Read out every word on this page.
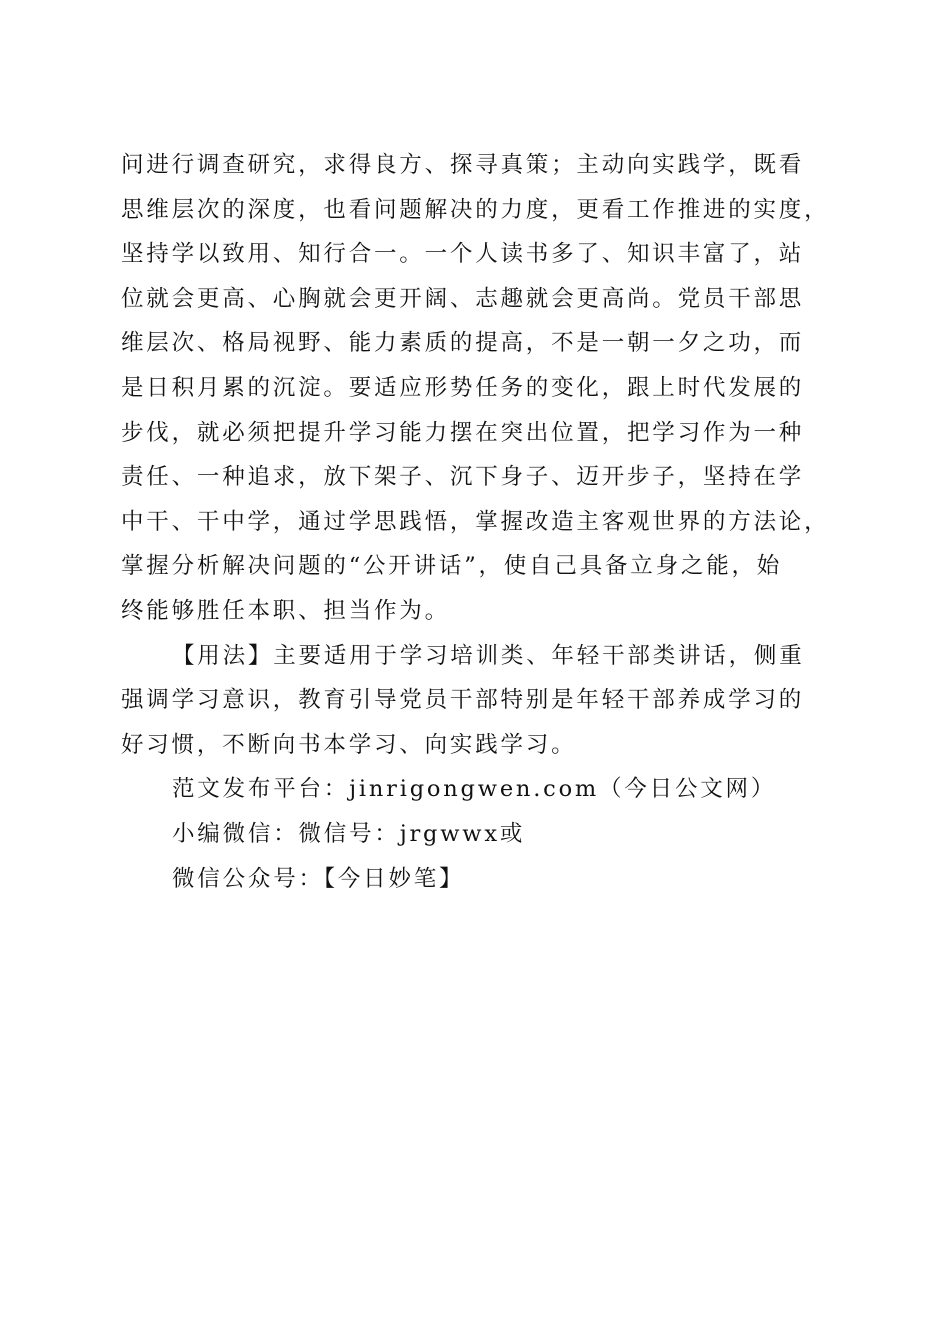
问进行调查研究，求得良方、探寻真策；主动向实践学，既看
思维层次的深度，也看问题解决的力度，更看工作推进的实度，
坚持学以致用、知行合一。一个人读书多了、知识丰富了，站
位就会更高、心胸就会更开阔、志趣就会更高尚。党员干部思
维层次、格局视野、能力素质的提高，不是一朝一夕之功，而
是日积月累的沉淀。要适应形势任务的变化，跟上时代发展的
步伐，就必须把提升学习能力摆在突出位置，把学习作为一种
责任、一种追求，放下架子、沉下身子、迈开步子，坚持在学
中干、干中学，通过学思践悟，掌握改造主客观世界的方法论，
掌握分析解决问题的“公开讲话”，使自己具备立身之能，始
终能够胜任本职、担当作为。
【用法】主要适用于学习培训类、年轻干部类讲话，侧重
强调学习意识，教育引导党员干部特别是年轻干部养成学习的
好习惯，不断向书本学习、向实践学习。
范文发布平台：jinrigongwen.com（今日公文网）
小编微信：微信号：jrgwwx或
微信公众号：【今日妙笔】
